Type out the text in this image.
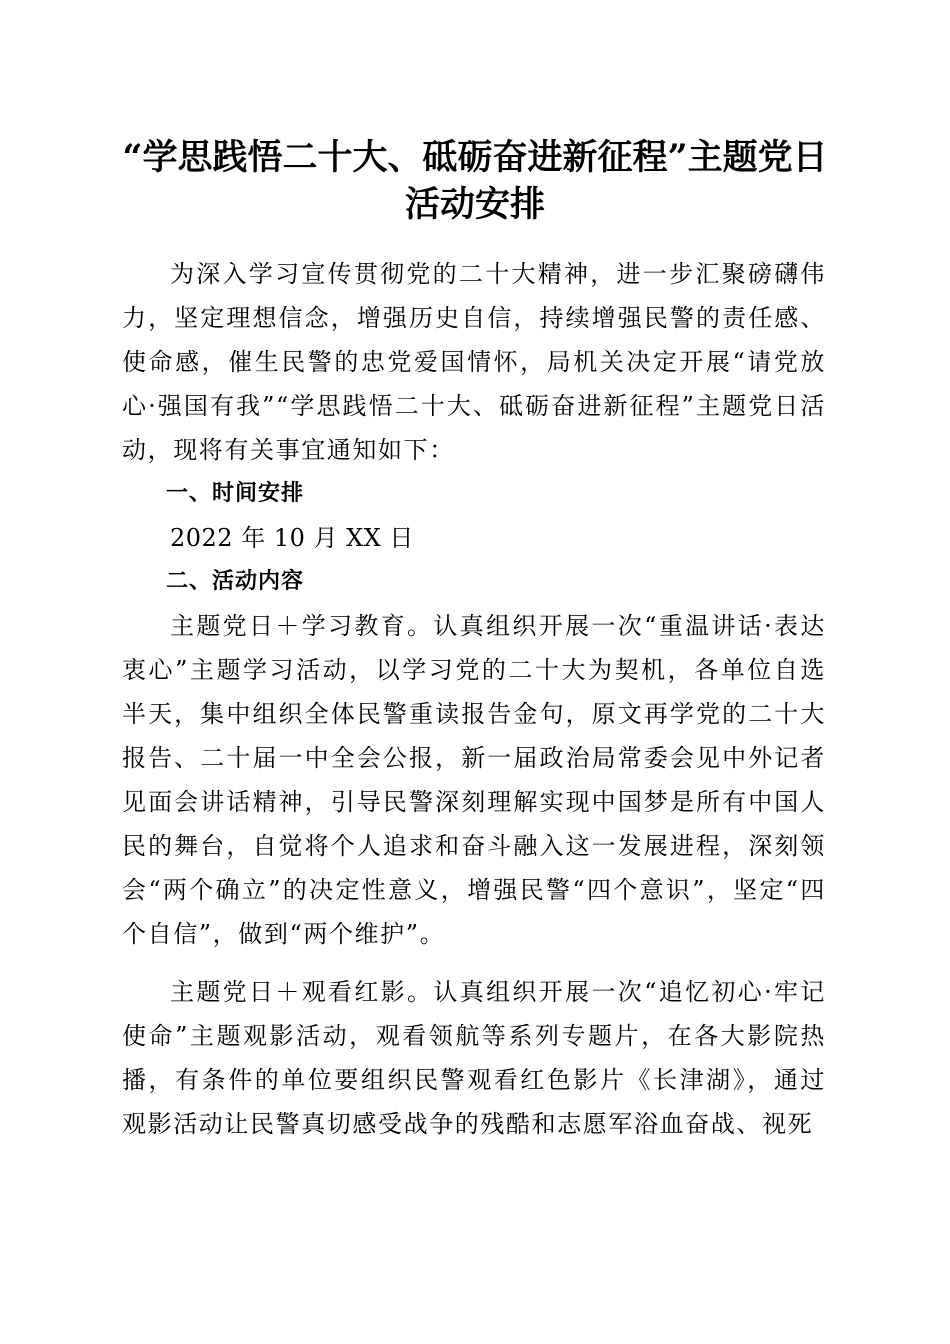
“学思践悟二十大、砥砺奋进新征程”主题党日活动安排

为深入学习宣传贯彻党的二十大精神，进一步汇聚磅礴伟力，坚定理想信念，增强历史自信，持续增强民警的责任感、使命感，催生民警的忠党爱国情怀，局机关决定开展“请党放心·强国有我”“学思践悟二十大、砥砺奋进新征程”主题党日活动，现将有关事宜通知如下：

一、时间安排

2022 年 10 月 XX 日

二、活动内容

主题党日＋学习教育。认真组织开展一次“重温讲话·表达衷心”主题学习活动，以学习党的二十大为契机，各单位自选半天，集中组织全体民警重读报告金句，原文再学党的二十大报告、二十届一中全会公报，新一届政治局常委会见中外记者见面会讲话精神，引导民警深刻理解实现中国梦是所有中国人民的舞台，自觉将个人追求和奋斗融入这一发展进程，深刻领会“两个确立”的决定性意义，增强民警“四个意识”，坚定“四个自信”，做到“两个维护”。

主题党日＋观看红影。认真组织开展一次“追忆初心·牢记使命”主题观影活动，观看领航等系列专题片，在各大影院热播，有条件的单位要组织民警观看红色影片《长津湖》，通过观影活动让民警真切感受战争的残酷和志愿军浴血奋战、视死
